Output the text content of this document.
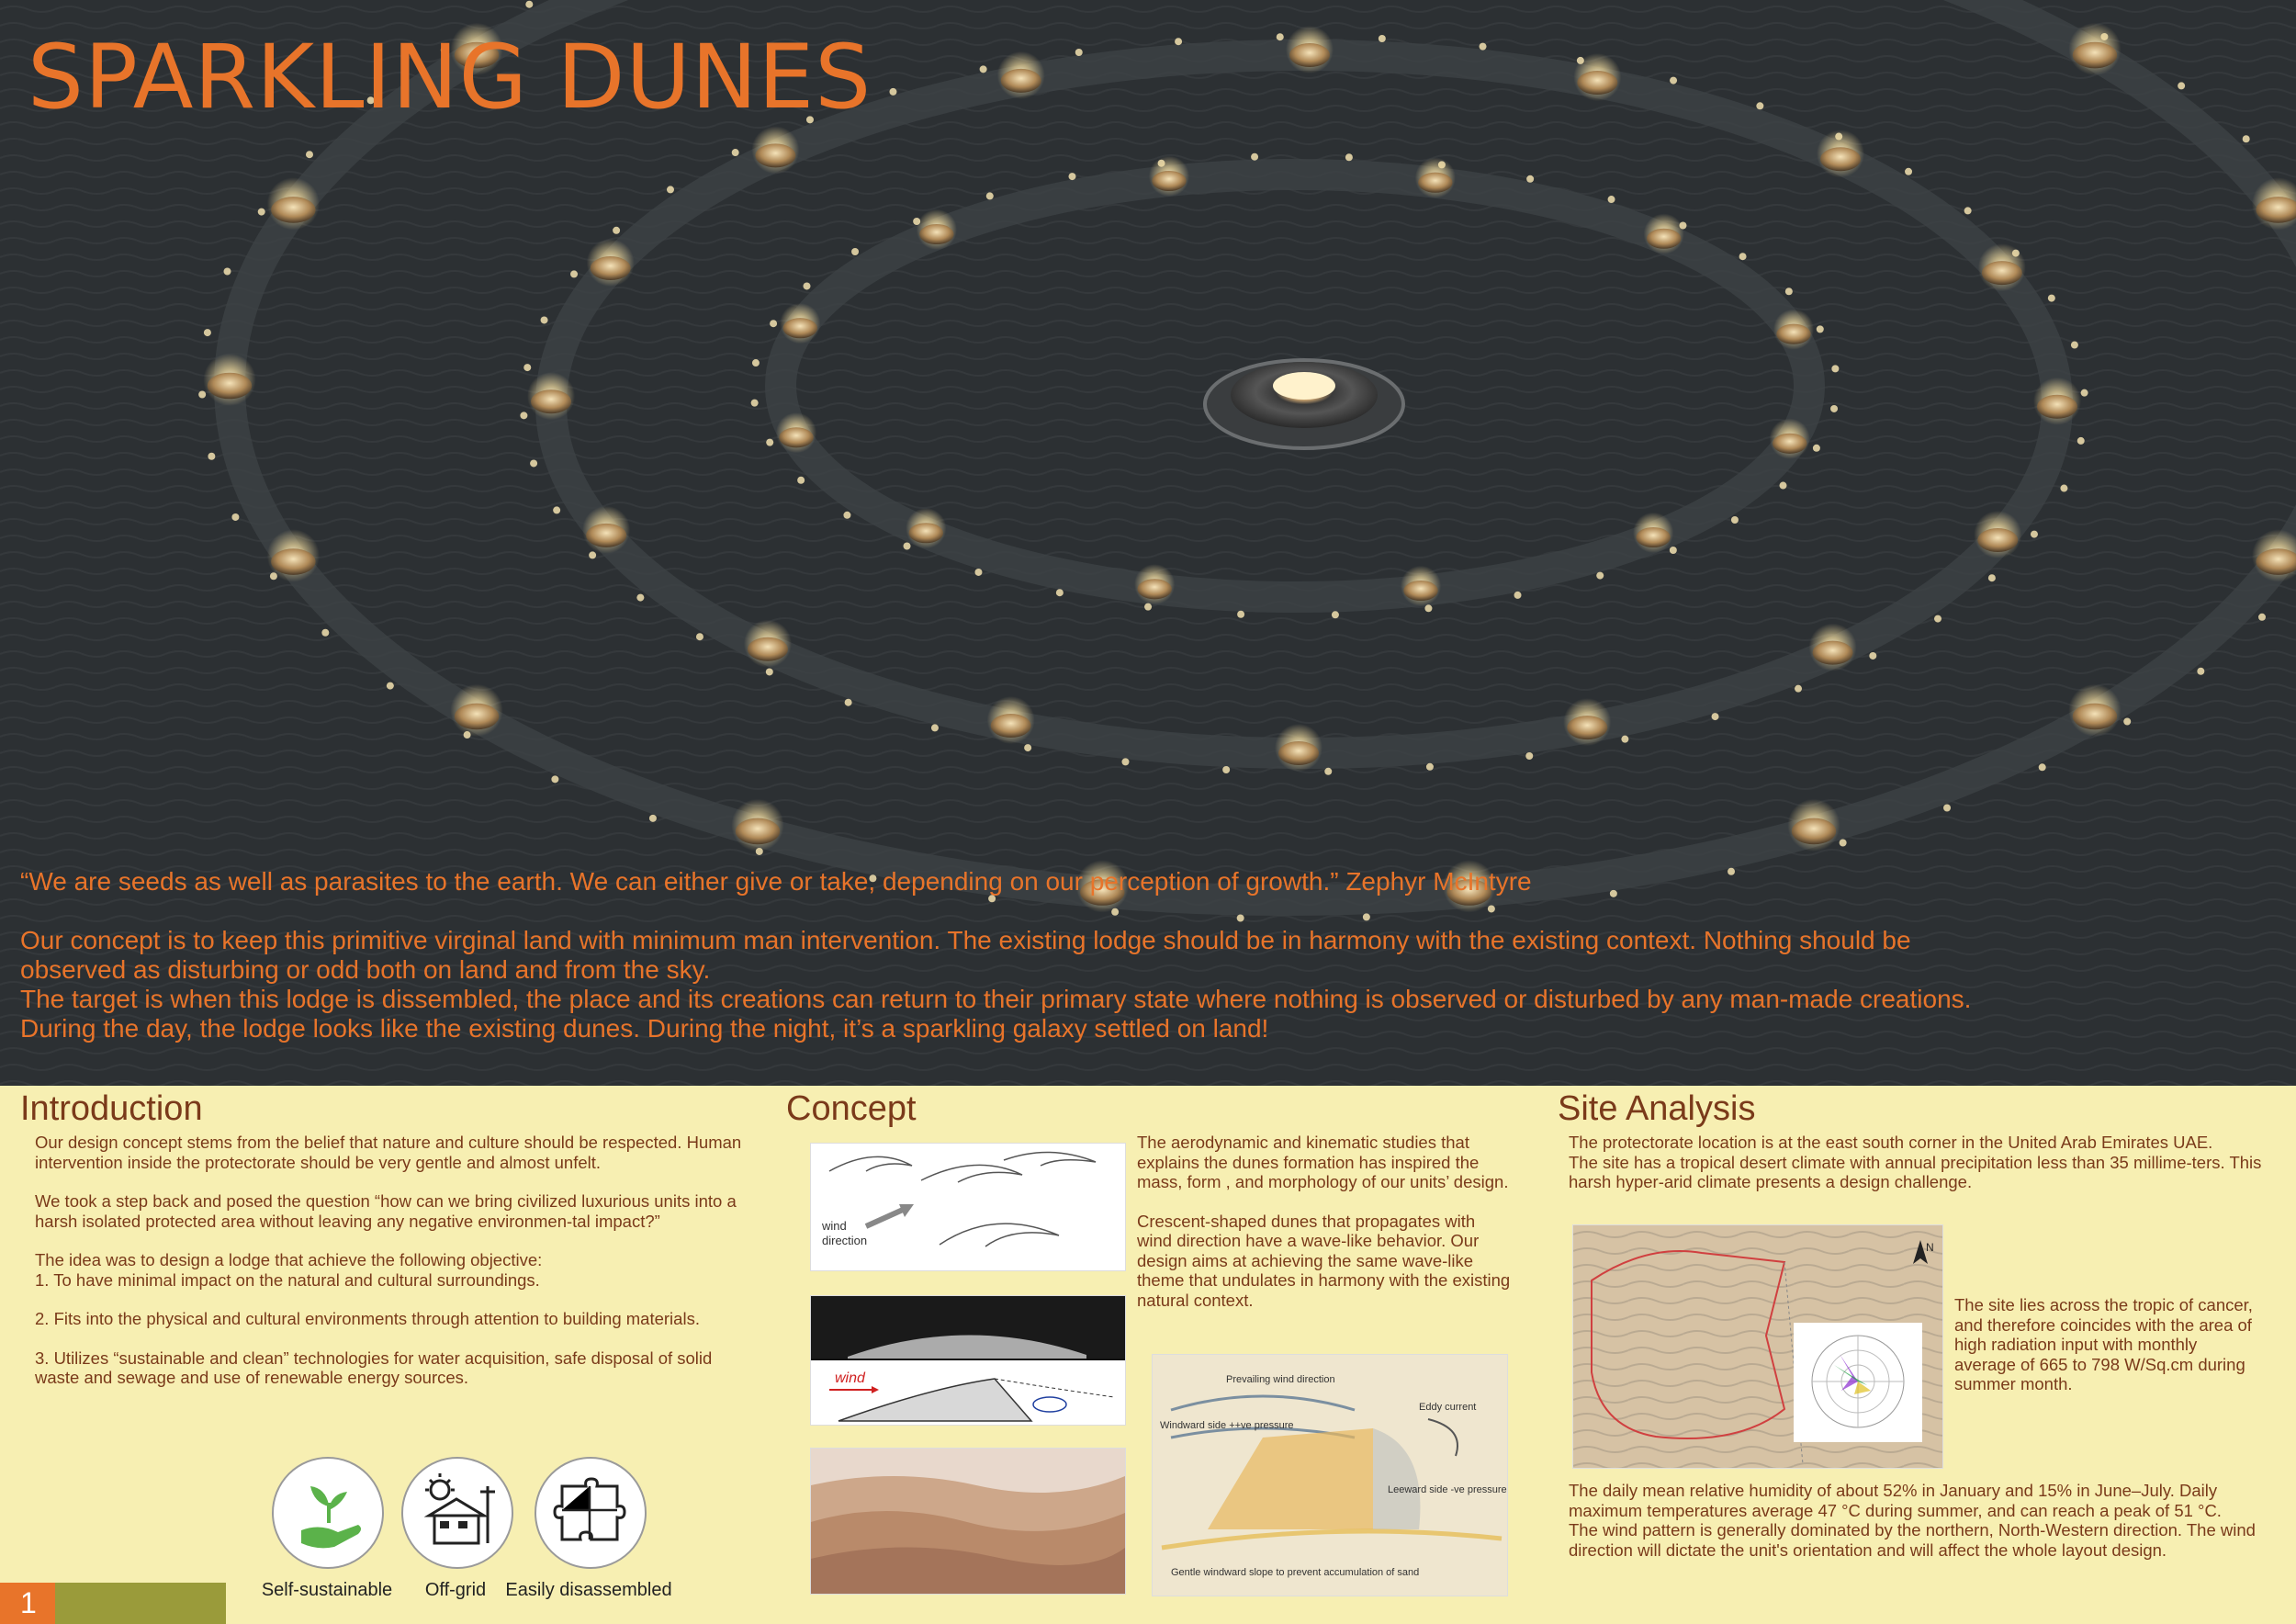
SPARKLING DUNES
“We are seeds as well as parasites to the earth. We can either give or take, depending on our perception of growth.” Zephyr McIntyre

Our concept is to keep this primitive virginal land with minimum man intervention. The existing lodge should be in harmony with the existing context. Nothing should be observed as disturbing or odd both on land and from the sky.

The target is when this lodge is dissembled, the place and its creations can return to their primary state where nothing is observed or disturbed by any man-made creations.

During the day, the lodge looks like the existing dunes. During the night, it’s a sparkling galaxy settled on land!

Introduction

Our design concept stems from the belief that nature and culture should be respected. Human intervention inside the protectorate should be very gentle and almost unfelt.

We took a step back and posed the question “how can we bring civilized luxurious units into a harsh isolated protected area without leaving any negative environmen-tal impact?”

The idea was to design a lodge that achieve the following objective:
1. To have minimal impact on the natural and cultural surroundings.

2. Fits into the physical and cultural environments through attention to building materials.

3. Utilizes “sustainable and clean” technologies for water acquisition, safe disposal of solid waste and sewage and use of renewable energy sources.

Self-sustainable	Off-grid	Easily disassembled
Concept
wind
direction
wind

The aerodynamic and kinematic studies that explains the dunes formation has inspired the mass, form , and morphology of our units’ design.

Crescent-shaped dunes that propagates with wind direction have a wave-like behavior. Our design aims at achieving the same wave-like theme that undulates in harmony with the existing natural context.

Prevailing wind direction
Windward side ++ve pressure
Eddy current
Leeward side -ve pressure
Gentle windward slope to prevent accumulation of sand
Site Analysis
The protectorate location is at the east south corner in the United Arab Emirates UAE.
The site has a tropical desert climate with annual precipitation less than 35 millime-ters. This harsh hyper-arid climate presents a design challenge.
N
The site lies across the tropic of cancer, and therefore coincides with the area of high radiation input with monthly average of 665 to 798 W/Sq.cm during summer month.
The daily mean relative humidity of about 52% in January and 15% in June–July. Daily maximum temperatures average 47 °C during summer, and can reach a peak of 51 °C.
The wind pattern is generally dominated by the northern, North-Western direction. The wind direction will dictate the unit's orientation and will affect the whole layout design.
1
